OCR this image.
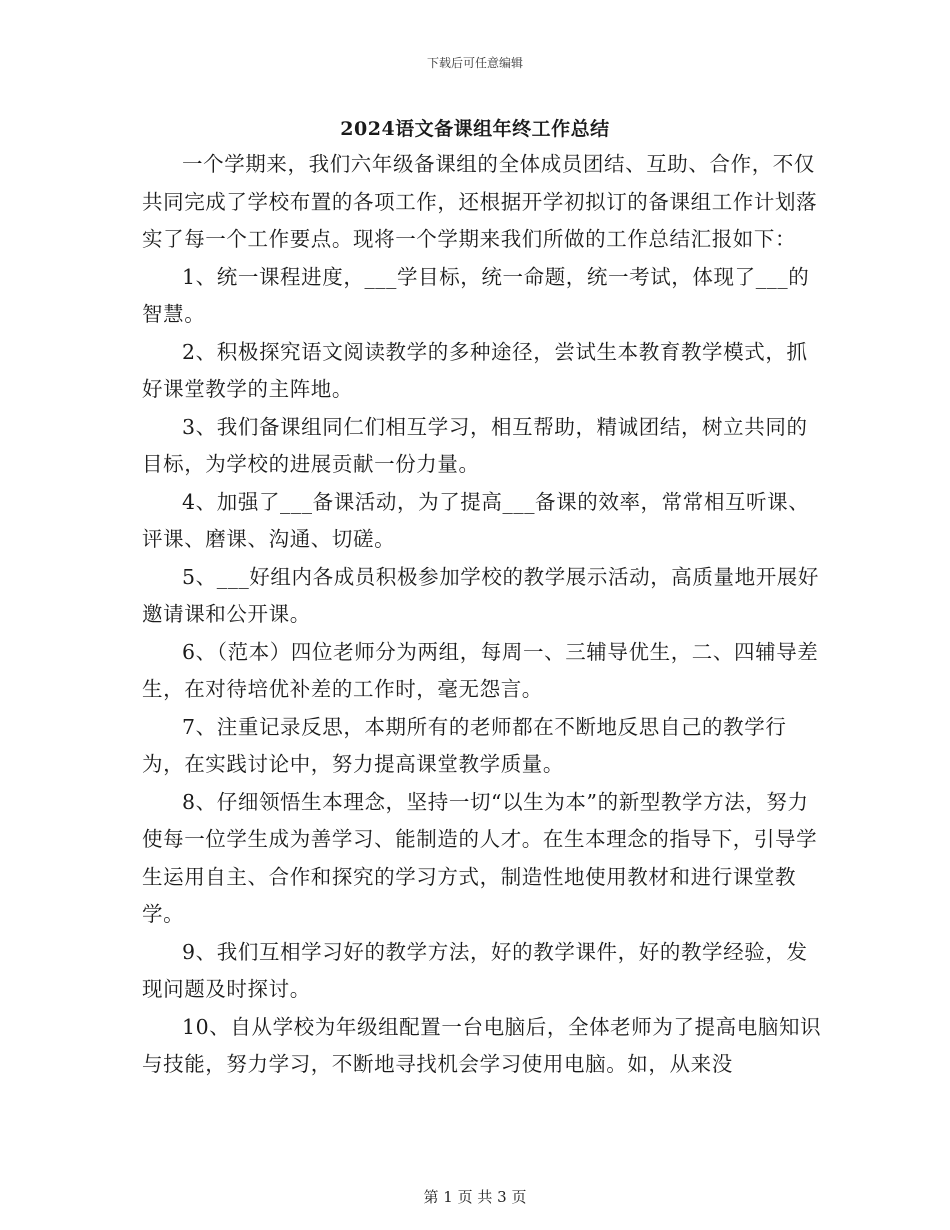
下载后可任意编辑
2024语文备课组年终工作总结

一个学期来，我们六年级备课组的全体成员团结、互助、合作，不仅共同完成了学校布置的各项工作，还根据开学初拟订的备课组工作计划落实了每一个工作要点。现将一个学期来我们所做的工作总结汇报如下：

1、统一课程进度，___学目标，统一命题，统一考试，体现了___的智慧。

2、积极探究语文阅读教学的多种途径，尝试生本教育教学模式，抓好课堂教学的主阵地。

3、我们备课组同仁们相互学习，相互帮助，精诚团结，树立共同的目标，为学校的进展贡献一份力量。

4、加强了___备课活动，为了提高___备课的效率，常常相互听课、评课、磨课、沟通、切磋。

5、___好组内各成员积极参加学校的教学展示活动，高质量地开展好邀请课和公开课。

6、（范本）四位老师分为两组，每周一、三辅导优生，二、四辅导差生，在对待培优补差的工作时，毫无怨言。

7、注重记录反思，本期所有的老师都在不断地反思自己的教学行为，在实践讨论中，努力提高课堂教学质量。

8、仔细领悟生本理念，坚持一切“以生为本”的新型教学方法，努力使每一位学生成为善学习、能制造的人才。在生本理念的指导下，引导学生运用自主、合作和探究的学习方式，制造性地使用教材和进行课堂教学。

9、我们互相学习好的教学方法，好的教学课件，好的教学经验，发现问题及时探讨。

10、自从学校为年级组配置一台电脑后，全体老师为了提高电脑知识与技能，努力学习，不断地寻找机会学习使用电脑。如，从来没

第 1 页 共 3 页
